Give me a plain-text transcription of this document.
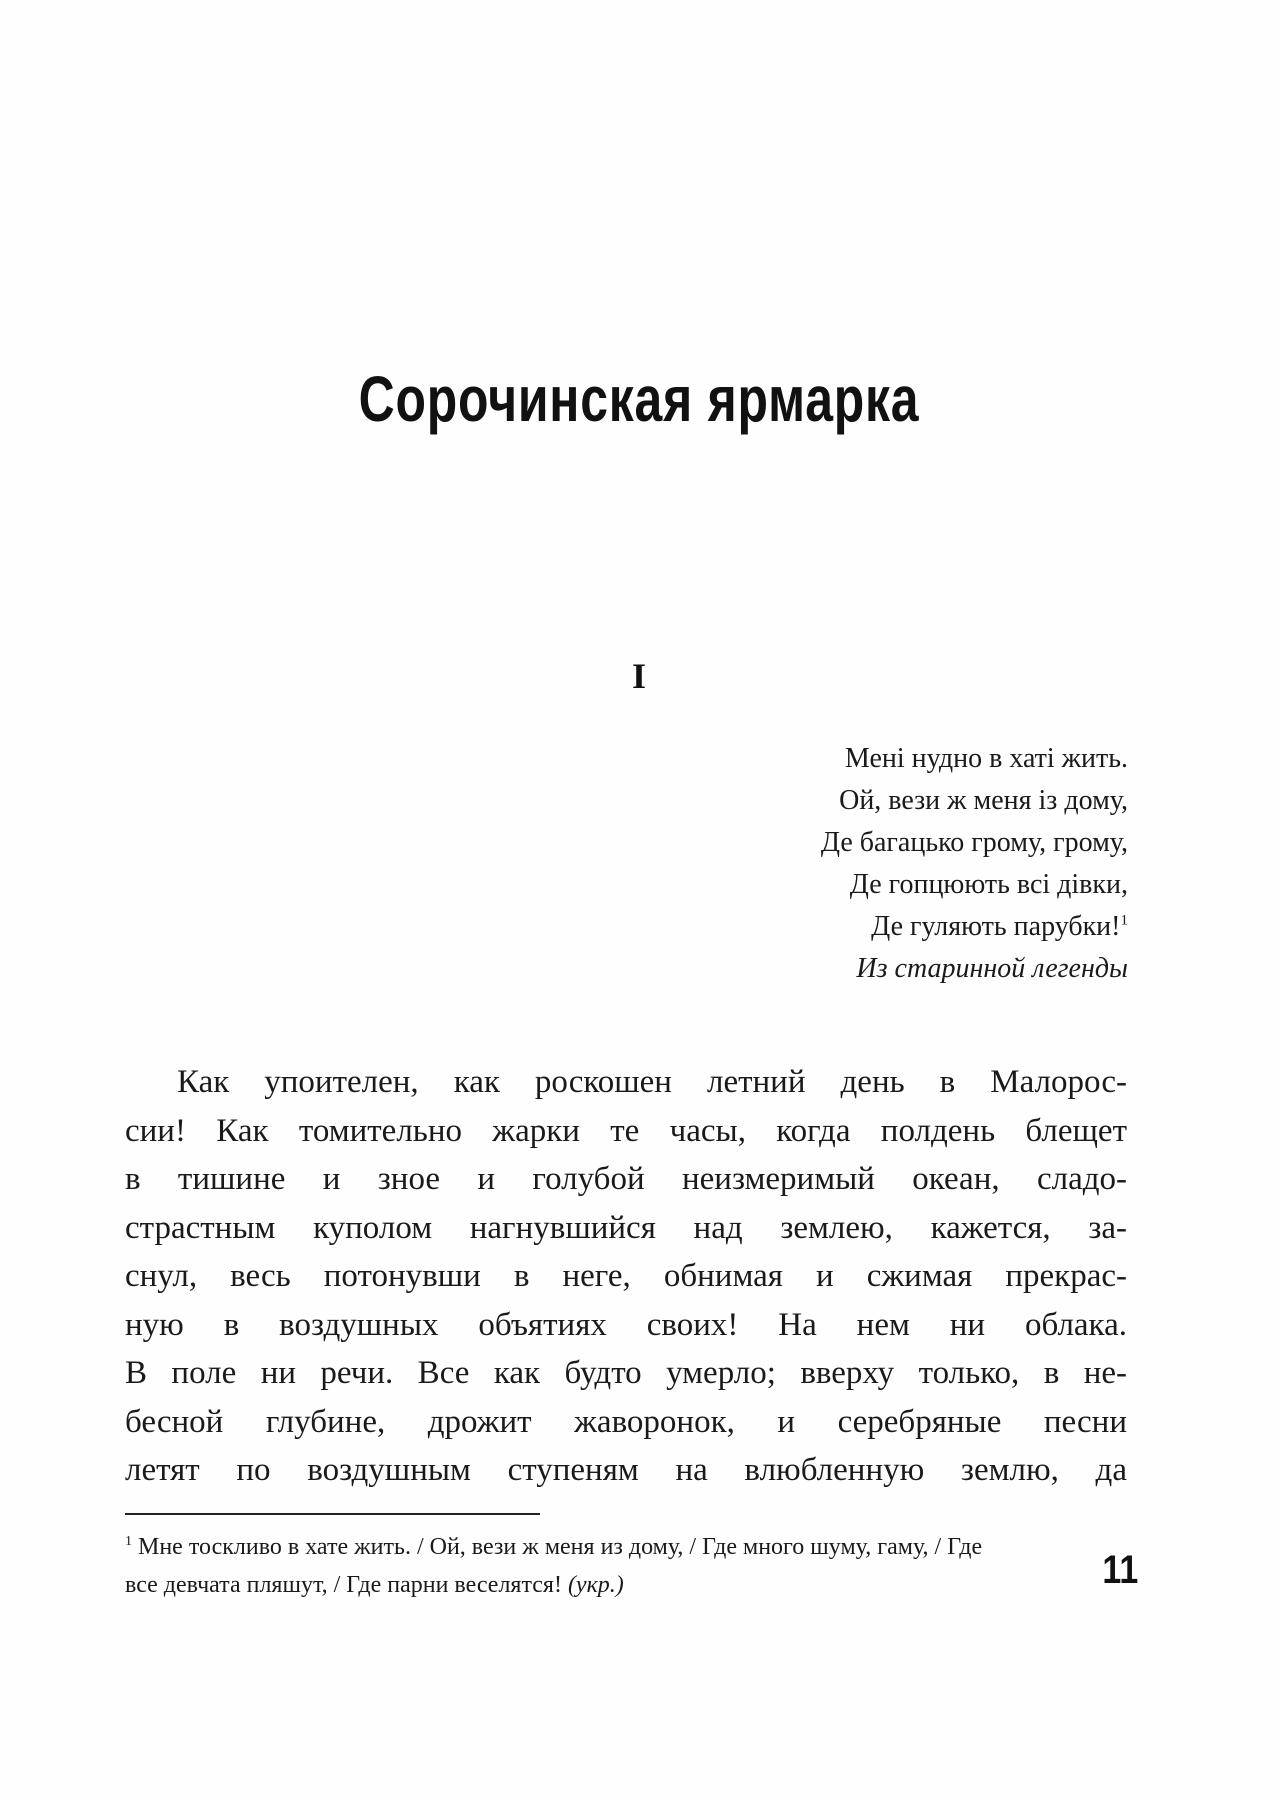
Сорочинская ярмарка
I
Мені нудно в хаті жить.
Ой, вези ж меня із дому,
Де багацько грому, грому,
Де гопцюють всі дівки,
Де гуляють парубки!$^1$
Из старинной легенды
Как упоителен, как роскошен летний день в Малорос-
сии! Как томительно жарки те часы, когда полдень блещет
в тишине и зное и голубой неизмеримый океан, сладо-
страстным куполом нагнувшийся над землею, кажется, за-
снул, весь потонувши в неге, обнимая и сжимая прекрас-
ную в воздушных объятиях своих! На нем ни облака.
В поле ни речи. Все как будто умерло; вверху только, в не-
бесной глубине, дрожит жаворонок, и серебряные песни
летят по воздушным ступеням на влюбленную землю, да
$^1$ Мне тоскливо в хате жить. / Ой, вези ж меня из дому, / Где много шуму, гаму, / Где все девчата пляшут, / Где парни веселятся! (укр.)	11
